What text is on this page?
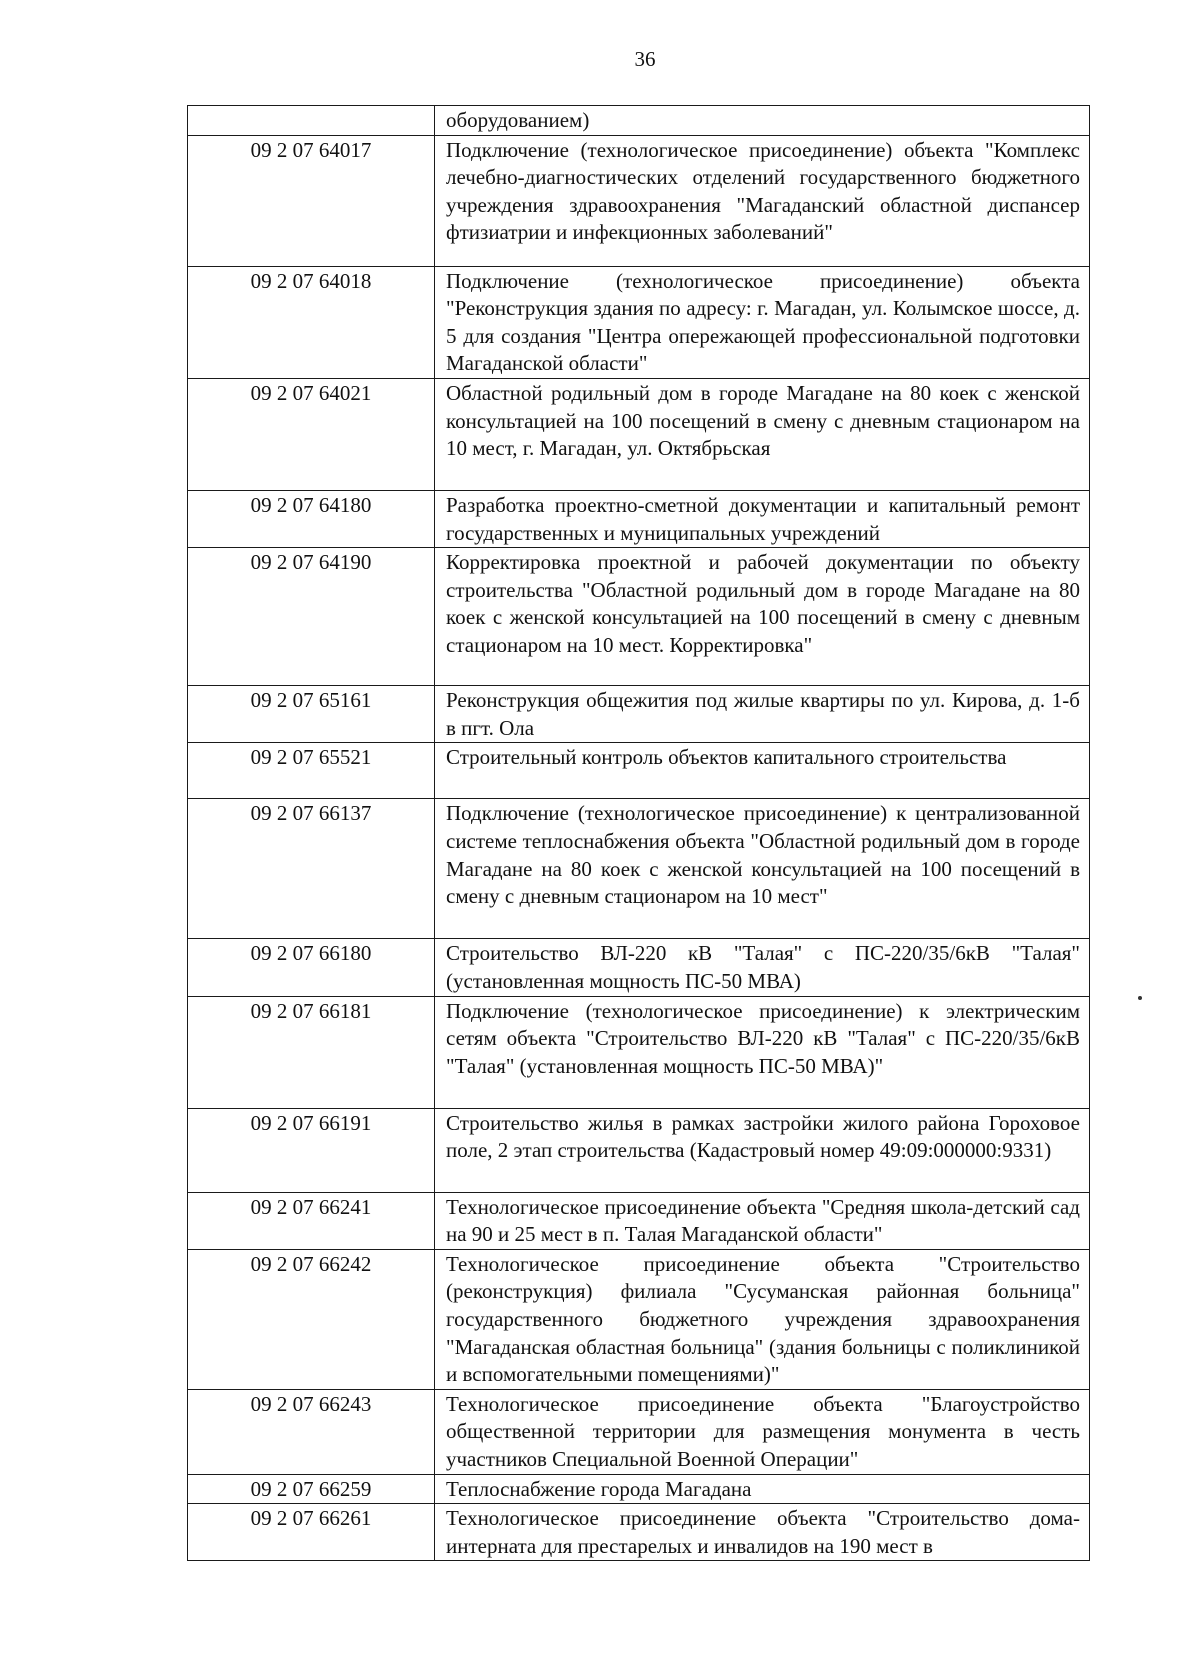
36
	оборудованием)
09 2 07 64017	Подключение (технологическое присоединение) объекта "Комплекс лечебно-диагностических отделений государственного бюджетного учреждения здравоохранения "Магаданский областной диспансер фтизиатрии и инфекционных заболеваний"
09 2 07 64018	Подключение (технологическое присоединение) объекта "Реконструкция здания по адресу: г. Магадан, ул. Колымское шоссе, д. 5 для создания "Центра опережающей профессиональной подготовки Магаданской области"
09 2 07 64021	Областной родильный дом в городе Магадане на 80 коек с женской консультацией на 100 посещений в смену с дневным стационаром на 10 мест, г. Магадан, ул. Октябрьская
09 2 07 64180	Разработка проектно-сметной документации и капитальный ремонт государственных и муниципальных учреждений
09 2 07 64190	Корректировка проектной и рабочей документации по объекту строительства "Областной родильный дом в городе Магадане на 80 коек с женской консультацией на 100 посещений в смену с дневным стационаром на 10 мест. Корректировка"
09 2 07 65161	Реконструкция общежития под жилые квартиры по ул. Кирова, д. 1-б в пгт. Ола
09 2 07 65521	Строительный контроль объектов капитального строительства
09 2 07 66137	Подключение (технологическое присоединение) к централизованной системе теплоснабжения объекта "Областной родильный дом в городе Магадане на 80 коек с женской консультацией на 100 посещений в смену с дневным стационаром на 10 мест"
09 2 07 66180	Строительство ВЛ-220 кВ "Талая" с ПС-220/35/6кВ "Талая" (установленная мощность ПС-50 МВА)
09 2 07 66181	Подключение (технологическое присоединение) к электрическим сетям объекта "Строительство ВЛ-220 кВ "Талая" с ПС-220/35/6кВ "Талая" (установленная мощность ПС-50 МВА)"
09 2 07 66191	Строительство жилья в рамках застройки жилого района Гороховое поле, 2 этап строительства (Кадастровый номер 49:09:000000:9331)
09 2 07 66241	Технологическое присоединение объекта "Средняя школа-детский сад на 90 и 25 мест в п. Талая Магаданской области"
09 2 07 66242	Технологическое присоединение объекта "Строительство (реконструкция) филиала "Сусуманская районная больница" государственного бюджетного учреждения здравоохранения "Магаданская областная больница" (здания больницы с поликлиникой и вспомогательными помещениями)"
09 2 07 66243	Технологическое присоединение объекта "Благоустройство общественной территории для размещения монумента в честь участников Специальной Военной Операции"
09 2 07 66259	Теплоснабжение города Магадана
09 2 07 66261	Технологическое присоединение объекта "Строительство дома-интерната для престарелых и инвалидов на 190 мест в
